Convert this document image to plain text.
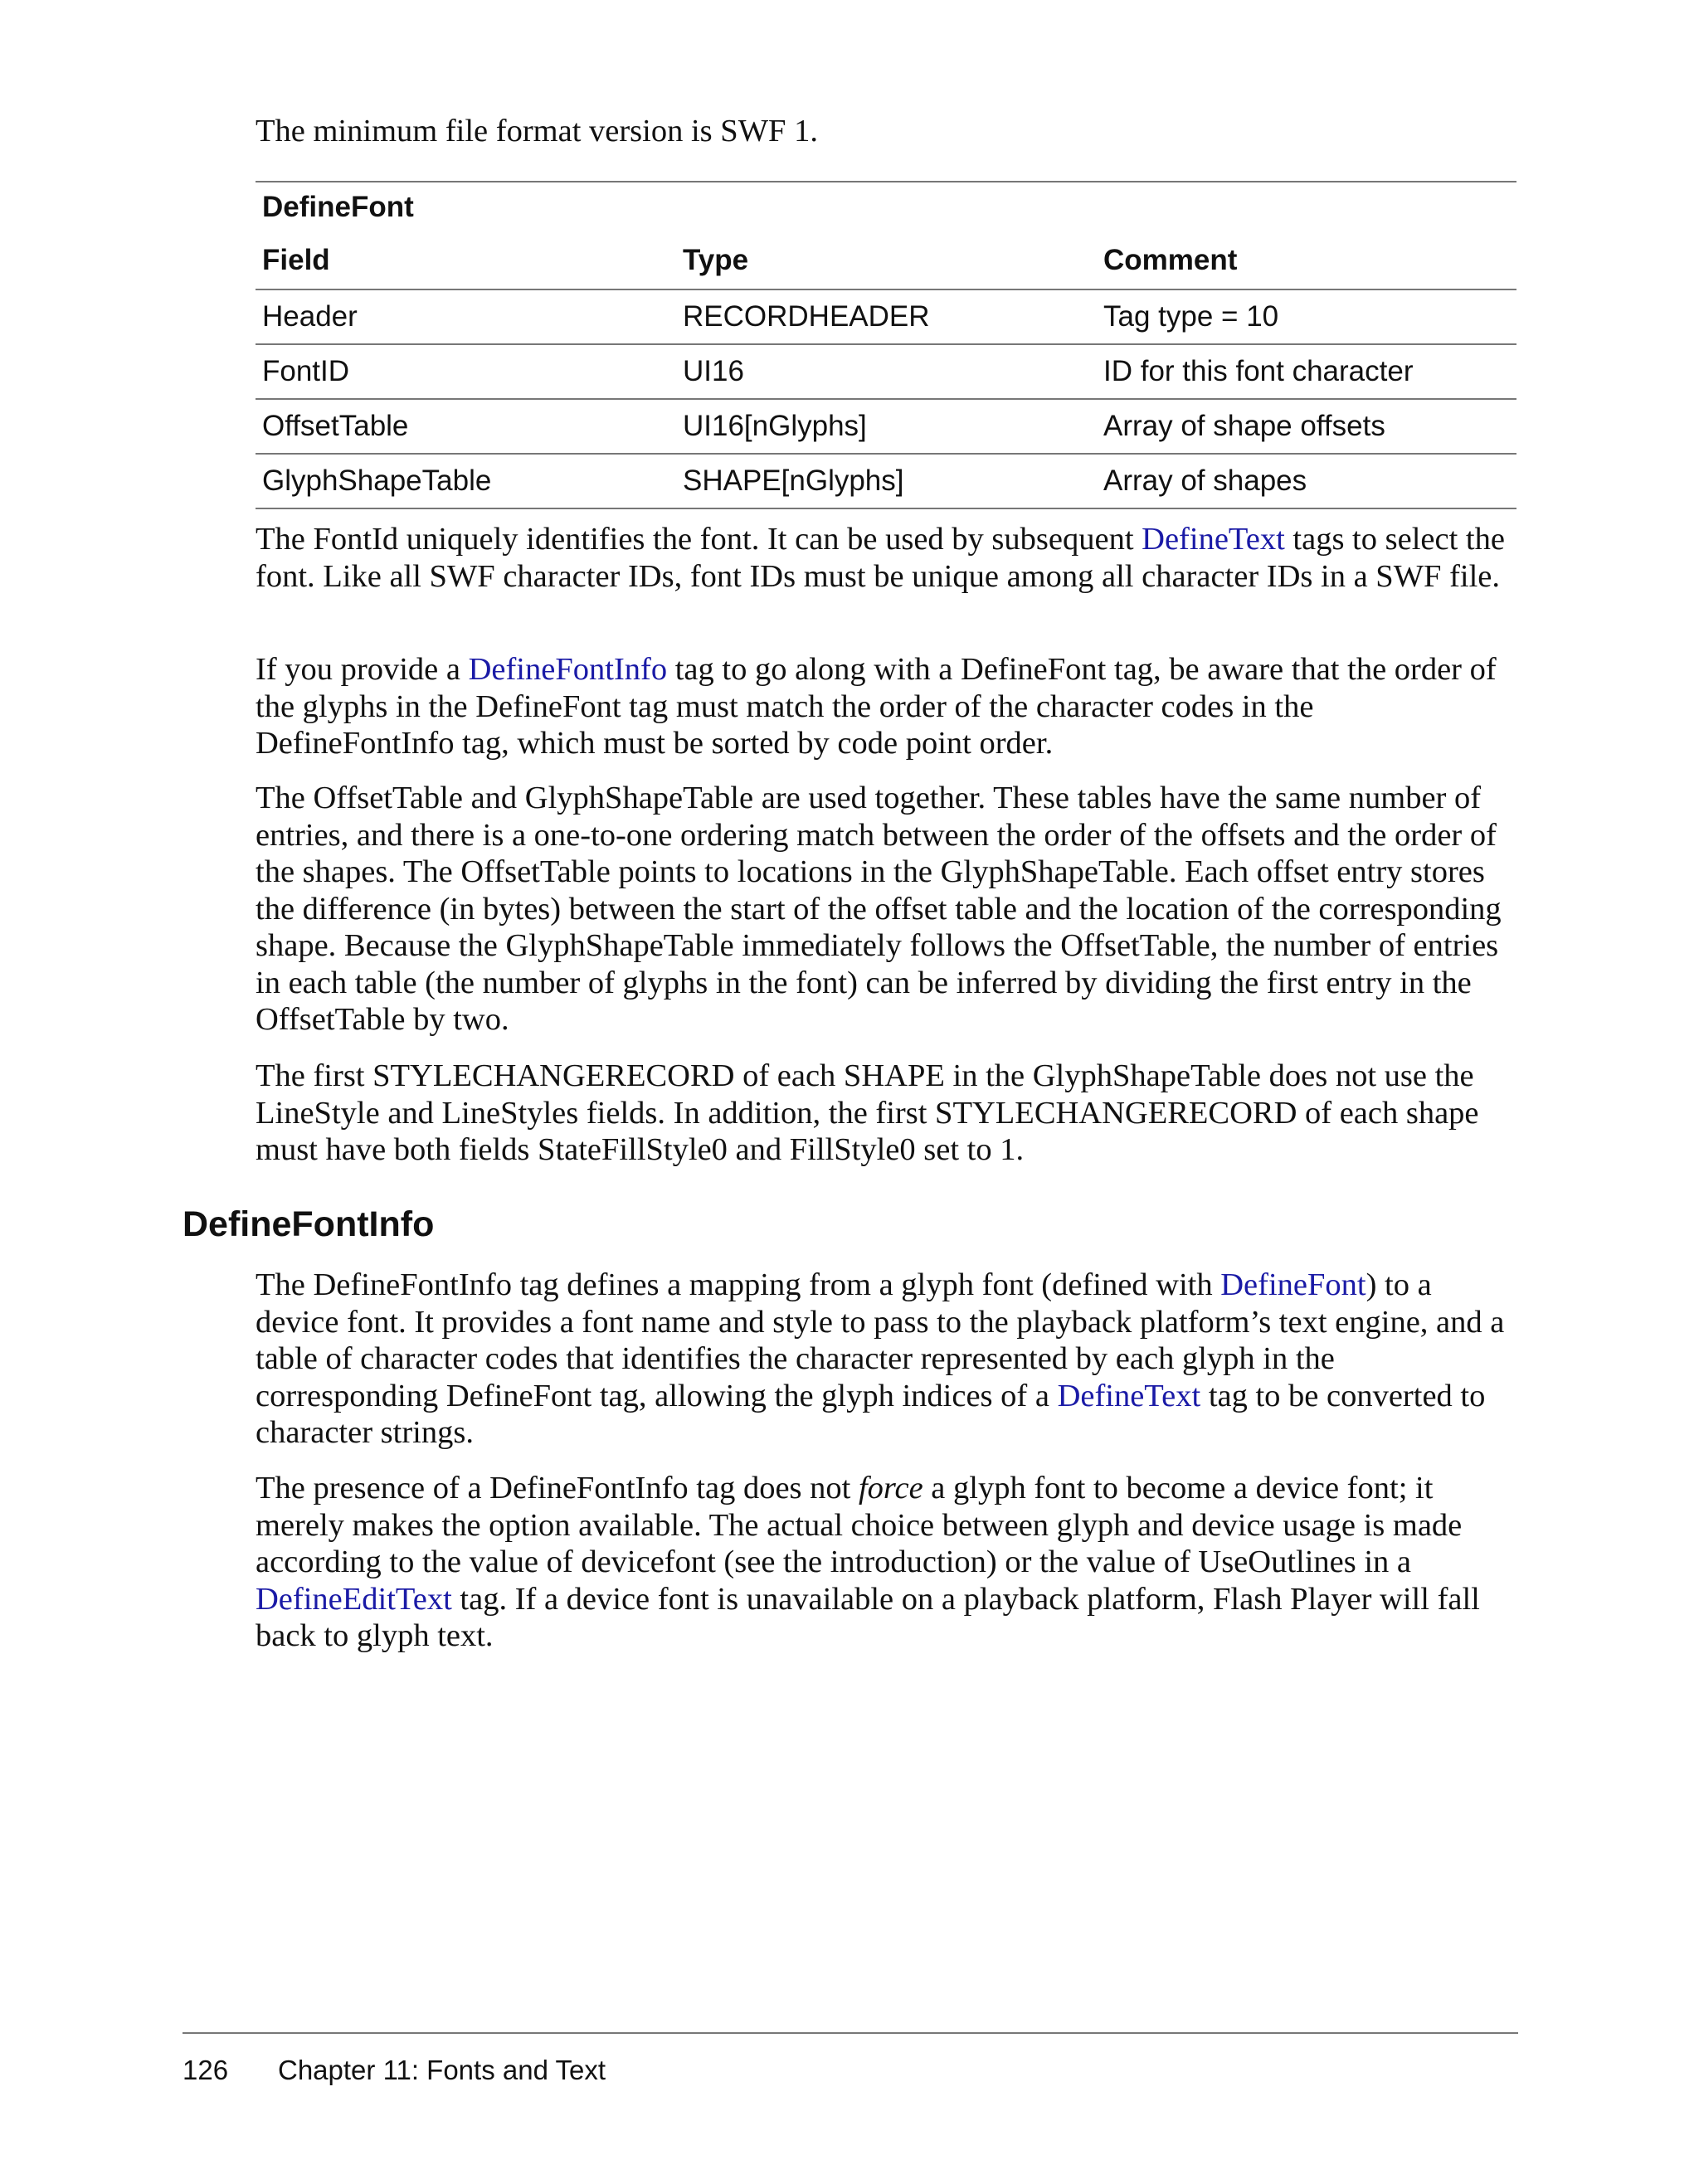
The minimum file format version is SWF 1.

DefineFont
Field	Type	Comment
Header	RECORDHEADER	Tag type = 10
FontID	UI16	ID for this font character
OffsetTable	UI16[nGlyphs]	Array of shape offsets
GlyphShapeTable	SHAPE[nGlyphs]	Array of shapes

The FontId uniquely identifies the font. It can be used by subsequent DefineText tags to select the font. Like all SWF character IDs, font IDs must be unique among all character IDs in a SWF file.

If you provide a DefineFontInfo tag to go along with a DefineFont tag, be aware that the order of the glyphs in the DefineFont tag must match the order of the character codes in the DefineFontInfo tag, which must be sorted by code point order.

The OffsetTable and GlyphShapeTable are used together. These tables have the same number of entries, and there is a one-to-one ordering match between the order of the offsets and the order of the shapes. The OffsetTable points to locations in the GlyphShapeTable. Each offset entry stores the difference (in bytes) between the start of the offset table and the location of the corresponding shape. Because the GlyphShapeTable immediately follows the OffsetTable, the number of entries in each table (the number of glyphs in the font) can be inferred by dividing the first entry in the OffsetTable by two.

The first STYLECHANGERECORD of each SHAPE in the GlyphShapeTable does not use the LineStyle and LineStyles fields. In addition, the first STYLECHANGERECORD of each shape must have both fields StateFillStyle0 and FillStyle0 set to 1.

DefineFontInfo

The DefineFontInfo tag defines a mapping from a glyph font (defined with DefineFont) to a device font. It provides a font name and style to pass to the playback platform’s text engine, and a table of character codes that identifies the character represented by each glyph in the corresponding DefineFont tag, allowing the glyph indices of a DefineText tag to be converted to character strings.

The presence of a DefineFontInfo tag does not force a glyph font to become a device font; it merely makes the option available. The actual choice between glyph and device usage is made according to the value of devicefont (see the introduction) or the value of UseOutlines in a DefineEditText tag. If a device font is unavailable on a playback platform, Flash Player will fall back to glyph text.

126	Chapter 11: Fonts and Text
